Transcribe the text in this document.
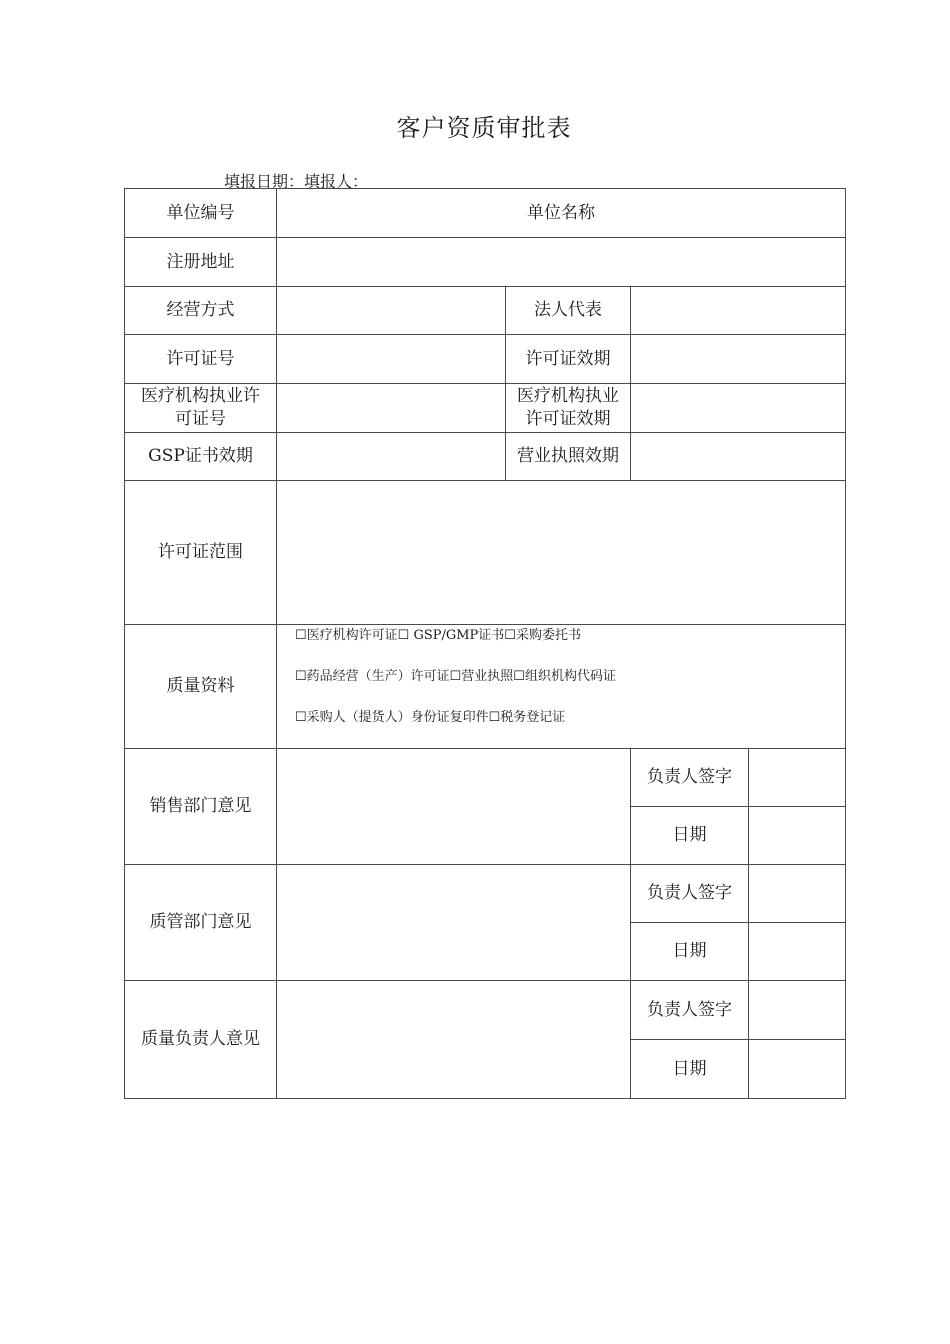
客户资质审批表
填报日期：填报人：
单位编号	单位名称			
注册地址				
经营方式		法人代表		
许可证号		许可证效期		
医疗机构执业许可证号		医疗机构执业许可证效期		
GSP证书效期		营业执照效期		
许可证范围				
质量资料	☐医疗机构许可证☐ GSP/GMP证书☐采购委托书
☐药品经营（生产）许可证☐营业执照☐组织机构代码证
☐采购人（提货人）身份证复印件☐税务登记证			

销售部门意见			负责人签字	
			日期	
质管部门意见			负责人签字	
			日期	
质量负责人意见			负责人签字	
			日期	
